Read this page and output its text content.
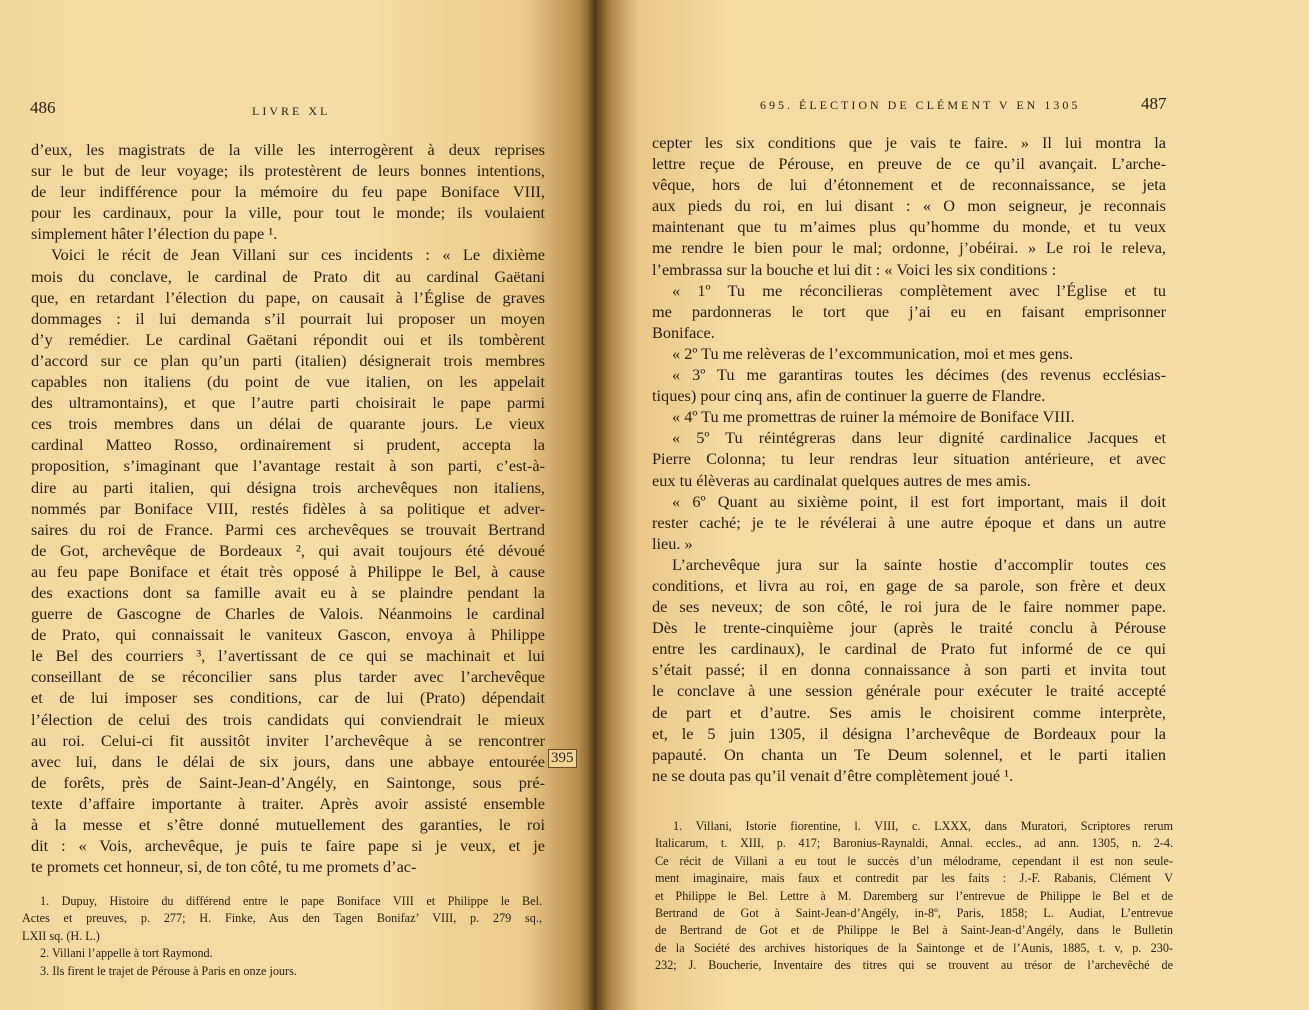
486	LIVRE XL
d’eux, les magistrats de la ville les interrogèrent à deux reprises
sur le but de leur voyage; ils protestèrent de leurs bonnes intentions,
de leur indifférence pour la mémoire du feu pape Boniface VIII,
pour les cardinaux, pour la ville, pour tout le monde; ils voulaient
simplement hâter l’élection du pape ¹.
Voici le récit de Jean Villani sur ces incidents : « Le dixième
mois du conclave, le cardinal de Prato dit au cardinal Gaëtani
que, en retardant l’élection du pape, on causait à l’Église de graves
dommages : il lui demanda s’il pourrait lui proposer un moyen
d’y remédier. Le cardinal Gaëtani répondit oui et ils tombèrent
d’accord sur ce plan qu’un parti (italien) désignerait trois membres
capables non italiens (du point de vue italien, on les appelait
des ultramontains), et que l’autre parti choisirait le pape parmi
ces trois membres dans un délai de quarante jours. Le vieux
cardinal Matteo Rosso, ordinairement si prudent, accepta la
proposition, s’imaginant que l’avantage restait à son parti, c’est-à-
dire au parti italien, qui désigna trois archevêques non italiens,
nommés par Boniface VIII, restés fidèles à sa politique et adver-
saires du roi de France. Parmi ces archevêques se trouvait Bertrand
de Got, archevêque de Bordeaux ², qui avait toujours été dévoué
au feu pape Boniface et était très opposé à Philippe le Bel, à cause
des exactions dont sa famille avait eu à se plaindre pendant la
guerre de Gascogne de Charles de Valois. Néanmoins le cardinal
de Prato, qui connaissait le vaniteux Gascon, envoya à Philippe
le Bel des courriers ³, l’avertissant de ce qui se machinait et lui
conseillant de se réconcilier sans plus tarder avec l’archevêque
et de lui imposer ses conditions, car de lui (Prato) dépendait
l’élection de celui des trois candidats qui conviendrait le mieux
au roi. Celui-ci fit aussitôt inviter l’archevêque à se rencontrer
avec lui, dans le délai de six jours, dans une abbaye entourée
de forêts, près de Saint-Jean-d’Angély, en Saintonge, sous pré-
texte d’affaire importante à traiter. Après avoir assisté ensemble
à la messe et s’être donné mutuellement des garanties, le roi
dit : « Vois, archevêque, je puis te faire pape si je veux, et je
te promets cet honneur, si, de ton côté, tu me promets d’ac-
1. Dupuy, Histoire du différend entre le pape Boniface VIII et Philippe le Bel.
Actes et preuves, p. 277; H. Finke, Aus den Tagen Bonifaz’ VIII, p. 279 sq.,
LXII sq. (H. L.)
2. Villani l’appelle à tort Raymond.
3. Ils firent le trajet de Pérouse à Paris en onze jours.
395
695. ÉLECTION DE CLÉMENT V EN 1305	487
cepter les six conditions que je vais te faire. » Il lui montra la
lettre reçue de Pérouse, en preuve de ce qu’il avançait. L’arche-
vêque, hors de lui d’étonnement et de reconnaissance, se jeta
aux pieds du roi, en lui disant : « O mon seigneur, je reconnais
maintenant que tu m’aimes plus qu’homme du monde, et tu veux
me rendre le bien pour le mal; ordonne, j’obéirai. » Le roi le releva,
l’embrassa sur la bouche et lui dit : « Voici les six conditions :
« 1º Tu me réconcilieras complètement avec l’Église et tu
me pardonneras le tort que j’ai eu en faisant emprisonner
Boniface.
« 2º Tu me relèveras de l’excommunication, moi et mes gens.
« 3º Tu me garantiras toutes les décimes (des revenus ecclésias-
tiques) pour cinq ans, afin de continuer la guerre de Flandre.
« 4º Tu me promettras de ruiner la mémoire de Boniface VIII.
« 5º Tu réintégreras dans leur dignité cardinalice Jacques et
Pierre Colonna; tu leur rendras leur situation antérieure, et avec
eux tu élèveras au cardinalat quelques autres de mes amis.
« 6º Quant au sixième point, il est fort important, mais il doit
rester caché; je te le révélerai à une autre époque et dans un autre
lieu. »
L’archevêque jura sur la sainte hostie d’accomplir toutes ces
conditions, et livra au roi, en gage de sa parole, son frère et deux
de ses neveux; de son côté, le roi jura de le faire nommer pape.
Dès le trente-cinquième jour (après le traité conclu à Pérouse
entre les cardinaux), le cardinal de Prato fut informé de ce qui
s’était passé; il en donna connaissance à son parti et invita tout
le conclave à une session générale pour exécuter le traité accepté
de part et d’autre. Ses amis le choisirent comme interprète,
et, le 5 juin 1305, il désigna l’archevêque de Bordeaux pour la
papauté. On chanta un Te Deum solennel, et le parti italien
ne se douta pas qu’il venait d’être complètement joué ¹.
1. Villani, Istorie fiorentine, l. VIII, c. LXXX, dans Muratori, Scriptores rerum
Italicarum, t. XIII, p. 417; Baronius-Raynaldi, Annal. eccles., ad ann. 1305, n. 2-4.
Ce récit de Villani a eu tout le succès d’un mélodrame, cependant il est non seule-
ment imaginaire, mais faux et contredit par les faits : J.-F. Rabanis, Clément V
et Philippe le Bel. Lettre à M. Daremberg sur l’entrevue de Philippe le Bel et de
Bertrand de Got à Saint-Jean-d’Angély, in-8º, Paris, 1858; L. Audiat, L’entrevue
de Bertrand de Got et de Philippe le Bel à Saint-Jean-d’Angély, dans le Bulletin
de la Société des archives historiques de la Saintonge et de l’Aunis, 1885, t. v, p. 230-
232; J. Boucherie, Inventaire des titres qui se trouvent au trésor de l’archevêché de
